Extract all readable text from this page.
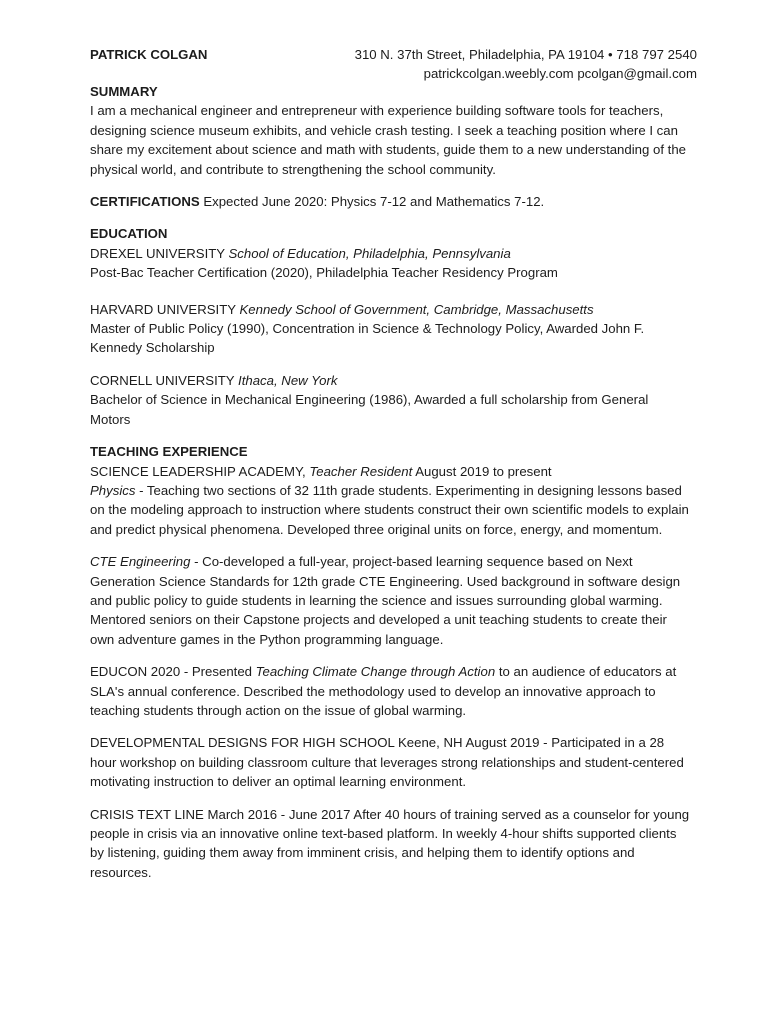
PATRICK COLGAN	310 N. 37th Street, Philadelphia, PA 19104 • 718 797 2540
patrickcolgan.weebly.com pcolgan@gmail.com
SUMMARY

I am a mechanical engineer and entrepreneur with experience building software tools for teachers, designing science museum exhibits, and vehicle crash testing. I seek a teaching position where I can share my excitement about science and math with students, guide them to a new understanding of the physical world, and contribute to strengthening the school community.

CERTIFICATIONS Expected June 2020: Physics 7-12 and Mathematics 7-12.

EDUCATION

DREXEL UNIVERSITY School of Education, Philadelphia, Pennsylvania

Post-Bac Teacher Certification (2020), Philadelphia Teacher Residency Program

HARVARD UNIVERSITY Kennedy School of Government, Cambridge, Massachusetts

Master of Public Policy (1990), Concentration in Science & Technology Policy, Awarded John F. Kennedy Scholarship

CORNELL UNIVERSITY Ithaca, New York

Bachelor of Science in Mechanical Engineering (1986), Awarded a full scholarship from General Motors

TEACHING EXPERIENCE

SCIENCE LEADERSHIP ACADEMY, Teacher Resident August 2019 to present

Physics - Teaching two sections of 32 11th grade students. Experimenting in designing lessons based on the modeling approach to instruction where students construct their own scientific models to explain and predict physical phenomena. Developed three original units on force, energy, and momentum.

CTE Engineering - Co-developed a full-year, project-based learning sequence based on Next Generation Science Standards for 12th grade CTE Engineering. Used background in software design and public policy to guide students in learning the science and issues surrounding global warming. Mentored seniors on their Capstone projects and developed a unit teaching students to create their own adventure games in the Python programming language.

EDUCON 2020 - Presented Teaching Climate Change through Action to an audience of educators at SLA's annual conference. Described the methodology used to develop an innovative approach to teaching students through action on the issue of global warming.

DEVELOPMENTAL DESIGNS FOR HIGH SCHOOL Keene, NH August 2019 - Participated in a 28 hour workshop on building classroom culture that leverages strong relationships and student-centered motivating instruction to deliver an optimal learning environment.

CRISIS TEXT LINE March 2016 - June 2017 After 40 hours of training served as a counselor for young people in crisis via an innovative online text-based platform. In weekly 4-hour shifts supported clients by listening, guiding them away from imminent crisis, and helping them to identify options and resources.
